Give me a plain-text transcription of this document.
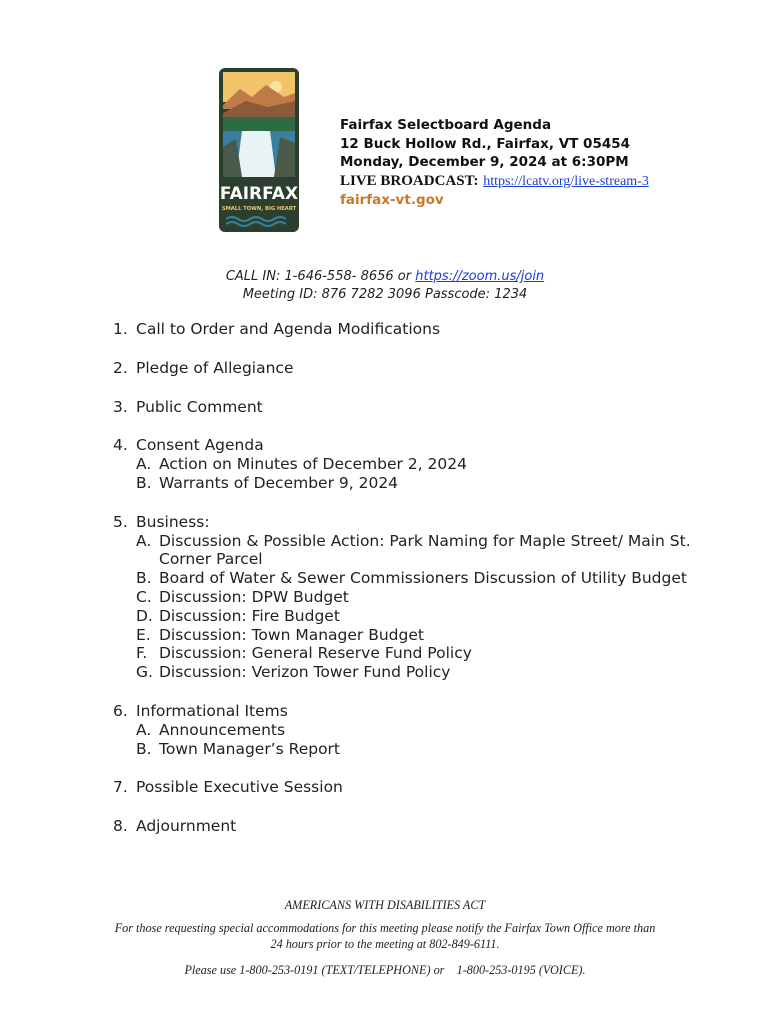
FAIRFAX
SMALL TOWN, BIG HEART
Fairfax Selectboard Agenda
12 Buck Hollow Rd., Fairfax, VT 05454
Monday, December 9, 2024 at 6:30PM
LIVE BROADCAST: https://lcatv.org/live-stream-3
fairfax-vt.gov
CALL IN: 1-646-558- 8656 or https://zoom.us/join
Meeting ID: 876 7282 3096 Passcode: 1234
1. Call to Order and Agenda Modifications
2. Pledge of Allegiance
3. Public Comment
4. Consent Agenda
A. Action on Minutes of December 2, 2024
B. Warrants of December 9, 2024
5. Business:
A. Discussion & Possible Action: Park Naming for Maple Street/ Main St. Corner Parcel
B. Board of Water & Sewer Commissioners Discussion of Utility Budget
C. Discussion: DPW Budget
D. Discussion: Fire Budget
E. Discussion: Town Manager Budget
F. Discussion: General Reserve Fund Policy
G. Discussion: Verizon Tower Fund Policy
6. Informational Items
A. Announcements
B. Town Manager’s Report
7. Possible Executive Session
8. Adjournment
AMERICANS WITH DISABILITIES ACT
For those requesting special accommodations for this meeting please notify the Fairfax Town Office more than
24 hours prior to the meeting at 802-849-6111.
Please use 1-800-253-0191 (TEXT/TELEPHONE) or    1-800-253-0195 (VOICE).
